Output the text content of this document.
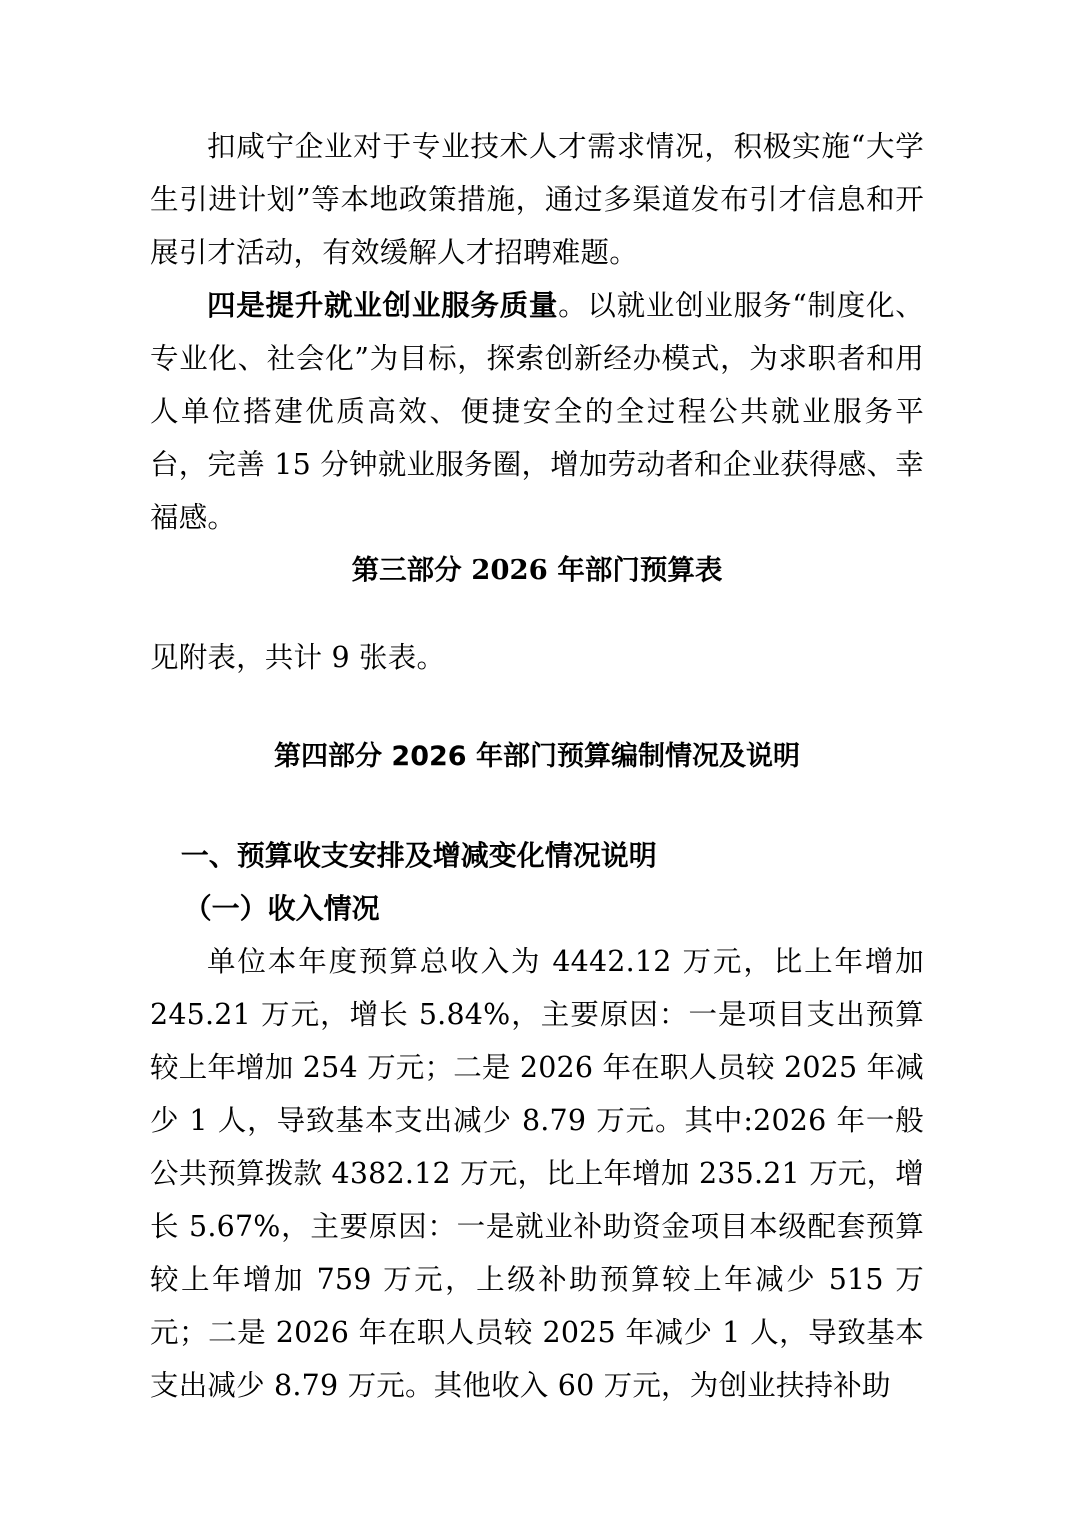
扣咸宁企业对于专业技术人才需求情况，积极实施“大学生引进计划”等本地政策措施，通过多渠道发布引才信息和开展引才活动，有效缓解人才招聘难题。

四是提升就业创业服务质量。以就业创业服务“制度化、专业化、社会化”为目标，探索创新经办模式，为求职者和用人单位搭建优质高效、便捷安全的全过程公共就业服务平台，完善 15 分钟就业服务圈，增加劳动者和企业获得感、幸福感。

第三部分 2026 年部门预算表

见附表，共计 9 张表。

第四部分 2026 年部门预算编制情况及说明

一、预算收支安排及增减变化情况说明

（一）收入情况

单位本年度预算总收入为 4442.12 万元，比上年增加 245.21 万元，增长 5.84%，主要原因：一是项目支出预算较上年增加 254 万元；二是 2026 年在职人员较 2025 年减少 1 人，导致基本支出减少 8.79 万元。其中:2026 年一般公共预算拨款 4382.12 万元，比上年增加 235.21 万元，增长 5.67%，主要原因：一是就业补助资金项目本级配套预算较上年增加 759 万元，上级补助预算较上年减少 515 万元；二是 2026 年在职人员较 2025 年减少 1 人，导致基本支出减少 8.79 万元。其他收入 60 万元，为创业扶持补助
